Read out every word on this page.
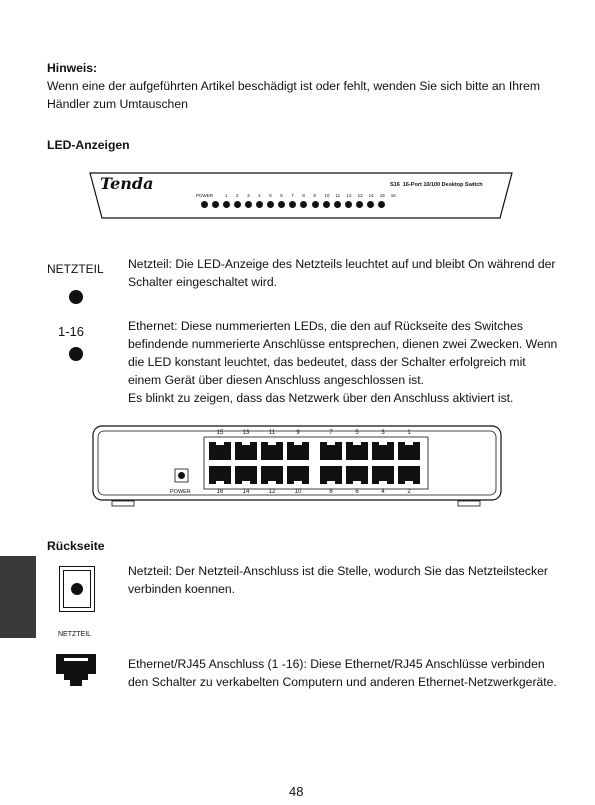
Hinweis:
Wenn eine der aufgeführten Artikel beschädigt ist oder fehlt, wenden Sie sich bitte an Ihrem
Händler zum Umtauschen
LED-Anzeigen
Tenda	S16  16-Port 10/100 Desktop Switch
POWER	1 2 3 4 5 6 7 8 9 10 11 12 13 14 15 16
NETZTEIL Netzteil: Die LED-Anzeige des Netzteils leuchtet auf und bleibt On während der
Schalter eingeschaltet wird.
1-16	Ethernet: Diese nummerierten LEDs, die den auf Rückseite des Switches
befindende nummerierte Anschlüsse entsprechen, dienen zwei Zwecken. Wenn
die LED konstant leuchtet, das bedeutet, dass der Schalter erfolgreich mit
einem Gerät über diesen Anschluss angeschlossen ist.
Es blinkt zu zeigen, dass das Netzwerk über den Anschluss aktiviert ist.
POWER
15	13	11	9	7	5	3	1
16	14	12	10	8	6	4	2
Rückseite
Netzteil: Der Netzteil-Anschluss ist die Stelle, wodurch Sie das Netzteilstecker
verbinden koennen.
NETZTEIL
Ethernet/RJ45 Anschluss (1 -16): Diese Ethernet/RJ45 Anschlüsse verbinden
den Schalter zu verkabelten Computern und anderen Ethernet-Netzwerkgeräte.
48
